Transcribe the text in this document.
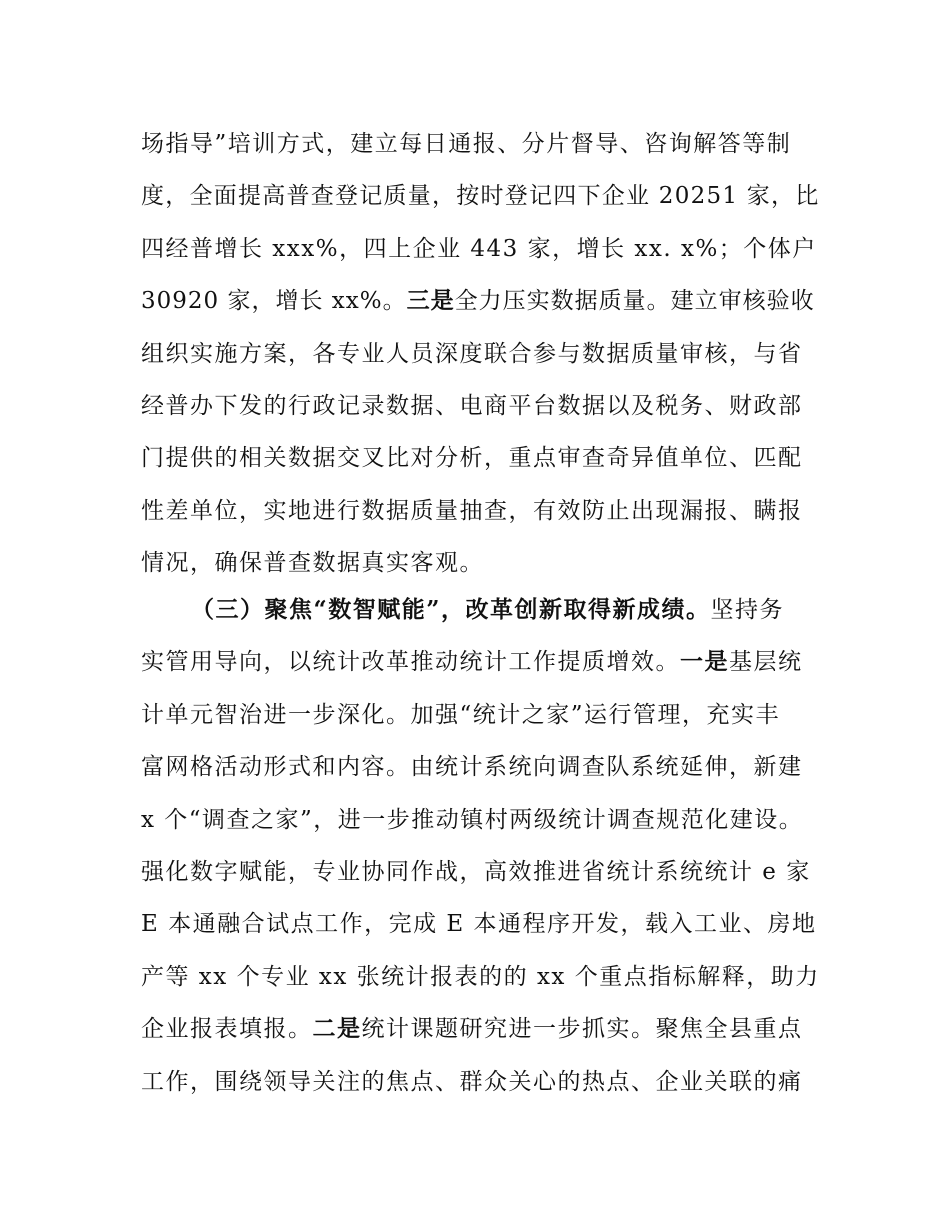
场指导”培训方式，建立每日通报、分片督导、咨询解答等制
度，全面提高普查登记质量，按时登记四下企业 20251 家，比
四经普增长 xxx%，四上企业 443 家，增长 xx. x%；个体户
30920 家，增长 xx%。三是全力压实数据质量。建立审核验收
组织实施方案，各专业人员深度联合参与数据质量审核，与省
经普办下发的行政记录数据、电商平台数据以及税务、财政部
门提供的相关数据交叉比对分析，重点审查奇异值单位、匹配
性差单位，实地进行数据质量抽查，有效防止出现漏报、瞒报
情况，确保普查数据真实客观。
（三）聚焦“数智赋能”，改革创新取得新成绩。坚持务
实管用导向，以统计改革推动统计工作提质增效。一是基层统
计单元智治进一步深化。加强“统计之家”运行管理，充实丰
富网格活动形式和内容。由统计系统向调查队系统延伸，新建
x 个“调查之家”，进一步推动镇村两级统计调查规范化建设。
强化数字赋能，专业协同作战，高效推进省统计系统统计 e 家
E 本通融合试点工作，完成 E 本通程序开发，载入工业、房地
产等 xx 个专业 xx 张统计报表的的 xx 个重点指标解释，助力
企业报表填报。二是统计课题研究进一步抓实。聚焦全县重点
工作，围绕领导关注的焦点、群众关心的热点、企业关联的痛
